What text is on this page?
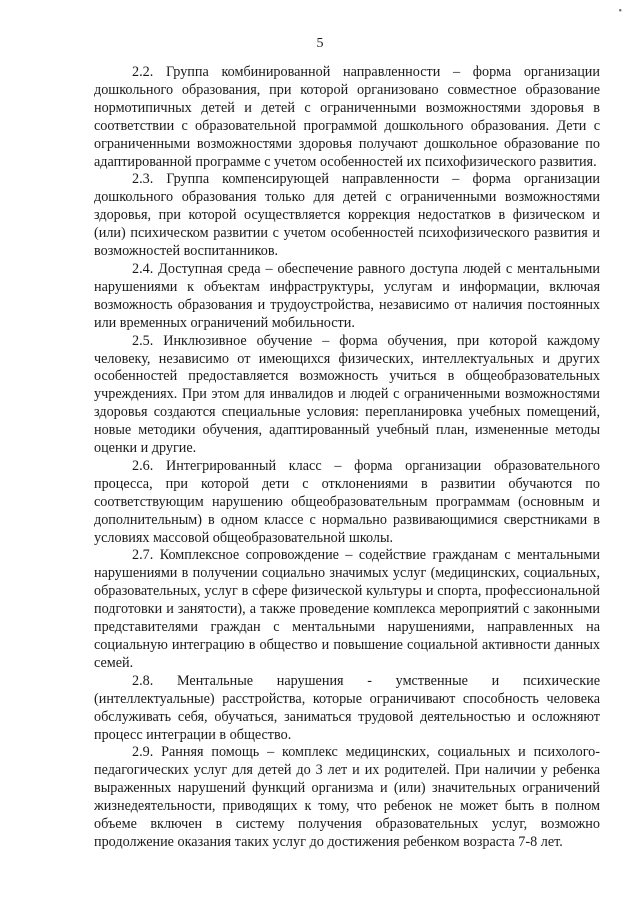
•
5

2.2. Группа комбинированной направленности – форма организации дошкольного образования, при которой организовано совместное образование нормотипичных детей и детей с ограниченными возможностями здоровья в соответствии с образовательной программой дошкольного образования. Дети с ограниченными возможностями здоровья получают дошкольное образование по адаптированной программе с учетом особенностей их психофизического развития.

2.3. Группа компенсирующей направленности – форма организации дошкольного образования только для детей с ограниченными возможностями здоровья, при которой осуществляется коррекция недостатков в физическом и (или) психическом развитии с учетом особенностей психофизического развития и возможностей воспитанников.

2.4. Доступная среда – обеспечение равного доступа людей с ментальными нарушениями к объектам инфраструктуры, услугам и информации, включая возможность образования и трудоустройства, независимо от наличия постоянных или временных ограничений мобильности.

2.5. Инклюзивное обучение – форма обучения, при которой каждому человеку, независимо от имеющихся физических, интеллектуальных и других особенностей предоставляется возможность учиться в общеобразовательных учреждениях. При этом для инвалидов и людей с ограниченными возможностями здоровья создаются специальные условия: перепланировка учебных помещений, новые методики обучения, адаптированный учебный план, измененные методы оценки и другие.

2.6. Интегрированный класс – форма организации образовательного процесса, при которой дети с отклонениями в развитии обучаются по соответствующим нарушению общеобразовательным программам (основным и дополнительным) в одном классе с нормально развивающимися сверстниками в условиях массовой общеобразовательной школы.

2.7. Комплексное сопровождение – содействие гражданам с ментальными нарушениями в получении социально значимых услуг (медицинских, социальных, образовательных, услуг в сфере физической культуры и спорта, профессиональной подготовки и занятости), а также проведение комплекса мероприятий с законными представителями граждан с ментальными нарушениями, направленных на социальную интеграцию в общество и повышение социальной активности данных семей.

2.8. Ментальные нарушения - умственные и психические (интеллектуальные) расстройства, которые ограничивают способность человека обслуживать себя, обучаться, заниматься трудовой деятельностью и осложняют процесс интеграции в общество.

2.9. Ранняя помощь – комплекс медицинских, социальных и психолого-педагогических услуг для детей до 3 лет и их родителей. При наличии у ребенка выраженных нарушений функций организма и (или) значительных ограничений жизнедеятельности, приводящих к тому, что ребенок не может быть в полном объеме включен в систему получения образовательных услуг, возможно продолжение оказания таких услуг до достижения ребенком возраста 7-8 лет.
